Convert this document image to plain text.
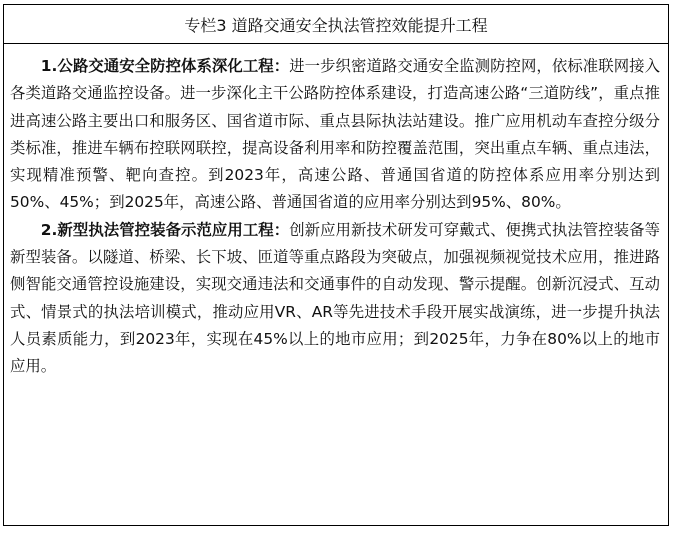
专栏3 道路交通安全执法管控效能提升工程

1.公路交通安全防控体系深化工程：进一步织密道路交通安全监测防控网，依标准联网接入各类道路交通监控设备。进一步深化主干公路防控体系建设，打造高速公路“三道防线”，重点推进高速公路主要出口和服务区、国省道市际、重点县际执法站建设。推广应用机动车查控分级分类标准，推进车辆布控联网联控，提高设备利用率和防控覆盖范围，突出重点车辆、重点违法，实现精准预警、靶向查控。到2023年，高速公路、普通国省道的防控体系应用率分别达到50%、45%；到2025年，高速公路、普通国省道的应用率分别达到95%、80%。

2.新型执法管控装备示范应用工程：创新应用新技术研发可穿戴式、便携式执法管控装备等新型装备。以隧道、桥梁、长下坡、匝道等重点路段为突破点，加强视频视觉技术应用，推进路侧智能交通管控设施建设，实现交通违法和交通事件的自动发现、警示提醒。创新沉浸式、互动式、情景式的执法培训模式，推动应用VR、AR等先进技术手段开展实战演练，进一步提升执法人员素质能力，到2023年，实现在45%以上的地市应用；到2025年，力争在80%以上的地市应用。
